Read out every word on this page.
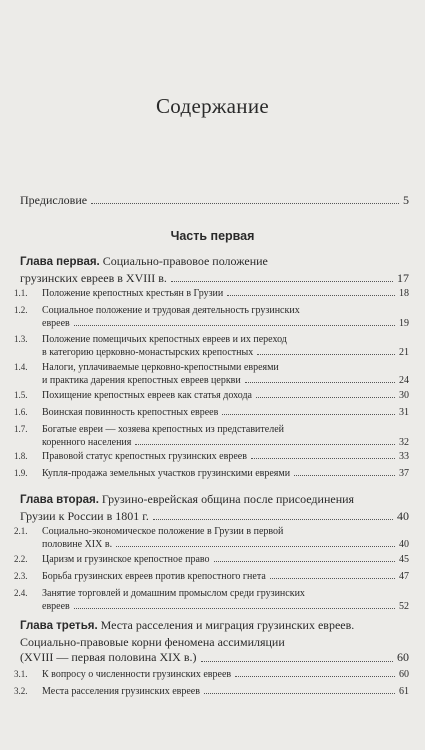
Содержание
Предисловие	5
Часть первая
Глава первая. Социально-правовое положение
грузинских евреев в XVIII в.	17
1.1.	Положение крепостных крестьян в Грузии	18
1.2.	Социальное положение и трудовая деятельность грузинских
евреев	19
1.3.	Положение помещичьих крепостных евреев и их переход
в категорию церковно-монастырских крепостных	21
1.4.	Налоги, уплачиваемые церковно-крепостными евреями
и практика дарения крепостных евреев церкви	24
1.5.	Похищение крепостных евреев как статья дохода	30
1.6.	Воинская повинность крепостных евреев	31
1.7.	Богатые евреи — хозяева крепостных из представителей
коренного населения	32
1.8.	Правовой статус крепостных грузинских евреев	33
1.9.	Купля-продажа земельных участков грузинскими евреями	37
Глава вторая. Грузино-еврейская община после присоединения
Грузии к России в 1801 г.	40
2.1.	Социально-экономическое положение в Грузии в первой
половине XIX в.	40
2.2.	Царизм и грузинское крепостное право	45
2.3.	Борьба грузинских евреев против крепостного гнета	47
2.4.	Занятие торговлей и домашним промыслом среди грузинских
евреев	52
Глава третья. Места расселения и миграция грузинских евреев.
Социально-правовые корни феномена ассимиляции
(XVIII — первая половина XIX в.)	60
3.1.	К вопросу о численности грузинских евреев	60
3.2.	Места расселения грузинских евреев	61
